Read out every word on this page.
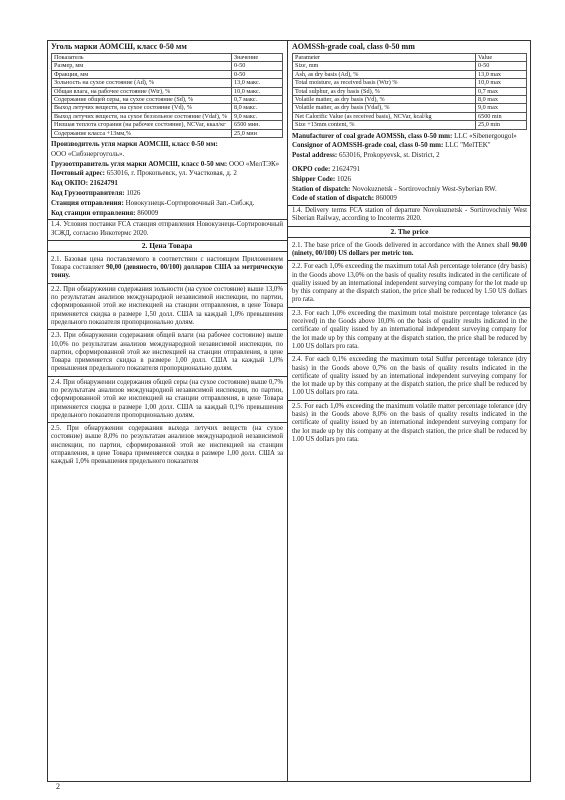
Уголь марки АОМСШ, класс 0-50 мм
Показатель	Значение
Размер, мм	0-50
Фракция, мм	0-50
Зольность на сухое состояние (Ad), %	13,0 макс.
Общая влага, на рабочее состояние (Wtr), %	10,0 макс.
Содержание общей серы, на сухое состояние (Sd), %	0,7 макс.
Выход летучих веществ, на сухое состояние (Vd), %	8,0 макс.
Выход летучих веществ, на сухое беззольное состояние (Vdaf), %	9,0 макс.
Низшая теплота сгорания (на рабочее состояние), NCVar, ккал/кг	6500 мин.
Содержание класса +13мм,%	25,0 мин
Производитель угля марки АОМСШ, класс 0-50 мм:
ООО «Сибэнергоуголь».
Грузоотправитель угля марки АОМСШ, класс 0-50 мм: ООО «МелТЭК»
Почтовый адрес: 653016, г. Прокопьевск, ул. Участковая, д. 2
Код ОКПО: 21624791
Код Грузоотправителя: 1026
Станция отправления: Новокузнецк-Сортировочный Зап.-Сиб.жд.
Код станции отправления: 860009
1.4. Условия поставки FCA станция отправления Новокузнецк-Сортировочный ЗСЖД, согласно Инкотермс 2020.
2. Цена Товара
2.1. Базовая цена поставляемого в соответствии с настоящим Приложением Товара составляет 90,00 (девяносто, 00/100) долларов США за метрическую тонну.
2.2. При обнаружении содержания зольности (на сухое состояние) выше 13,0% по результатам анализов международной независимой инспекции, по партии, сформированной этой же инспекцией на станции отправления, в цене Товара применяется скидка в размере 1,50 долл. США за каждый 1,0% превышения предельного показателя пропорционально долям.
2.3. При обнаружении содержания общей влаги (на рабочее состояние) выше 10,0% по результатам анализов международной независимой инспекции, по партии, сформированной этой же инспекцией на станции отправления, в цене Товара применяется скидка в размере 1,00 долл. США за каждый 1,0% превышения предельного показателя пропорционально долям.
2.4. При обнаружении содержания общей серы (на сухое состояние) выше 0,7% по результатам анализов международной независимой инспекции, по партии, сформированной этой же инспекцией на станции отправления, в цене Товара применяется скидка в размере 1,00 долл. США за каждый 0,1% превышения предельного показателя пропорционально долям.
2.5. При обнаружении содержания выхода летучих веществ (на сухое состояние) выше 8,0% по результатам анализов международной независимой инспекции, по партии, сформированной этой же инспекцией на станции отправления, в цене Товара применяется скидка в размере 1,00 долл. США за каждый 1,0% превышения предельного показателя
AOMSSh-grade coal, class 0-50 mm
Parameter	Value
Size, mm	0-50
Ash, as dry basis (Ad), %	13,0 max
Total moisture, as received basis (Wtr) %	10,0 max
Total sulphur, as dry basis (Sd), %	0,7 max
Volatile matter, as dry basis (Vd), %	8,0 max
Volatile matter, as dry basis (Vdaf), %	9,0 max
Net Calorific Value (as received basis), NCVar, kcal/kg	6500 min
Size +13mm content, %	25,0 min
Manufacturer of coal grade AOMSSh, class 0-50 mm: LLC «Sibenergougol»
Consignor of AOMSSH-grade coal, class 0-50 mm: LLC "MelTEK"
Postal address: 653016, Prokopyevsk, st. District, 2
OKPO code: 21624791
Shipper Code: 1026
Station of dispatch: Novokuznetsk - Sortirovochniy West-Syberian RW.
Code of station of dispatch: 860009
1.4. Delivery terms FCA station of departure Novokuznetsk - Sortirovochniy West Siberian Railway, according to Incoterms 2020.
2. The price
2.1. The base price of the Goods delivered in accordance with the Annex shall 90.00 (ninety, 00/100) US dollars per metric ton.
2.2. For each 1,0% exceeding the maximum total Ash percentage tolerance (dry basis) in the Goods above 13,0% on the basis of quality results indicated in the certificate of quality issued by an international independent surveying company for the lot made up by this company at the dispatch station, the price shall be reduced by 1.50 US dollars pro rata.
2.3. For each 1,0% exceeding the maximum total moisture percentage tolerance (as received) in the Goods above 10,0% on the basis of quality results indicated in the certificate of quality issued by an international independent surveying company for the lot made up by this company at the dispatch station, the price shall be reduced by 1.00 US dollars pro rata.
2.4. For each 0,1% exceeding the maximum total Sulfur percentage tolerance (dry basis) in the Goods above 0,7% on the basis of quality results indicated in the certificate of quality issued by an international independent surveying company for the lot made up by this company at the dispatch station, the price shall be reduced by 1.00 US dollars pro rata.
2.5. For each 1,0% exceeding the maximum volatile matter percentage tolerance (dry basis) in the Goods above 8,0% on the basis of quality results indicated in the certificate of quality issued by an international independent surveying company for the lot made up by this company at the dispatch station, the price shall be reduced by 1.00 US dollars pro rata.
2
